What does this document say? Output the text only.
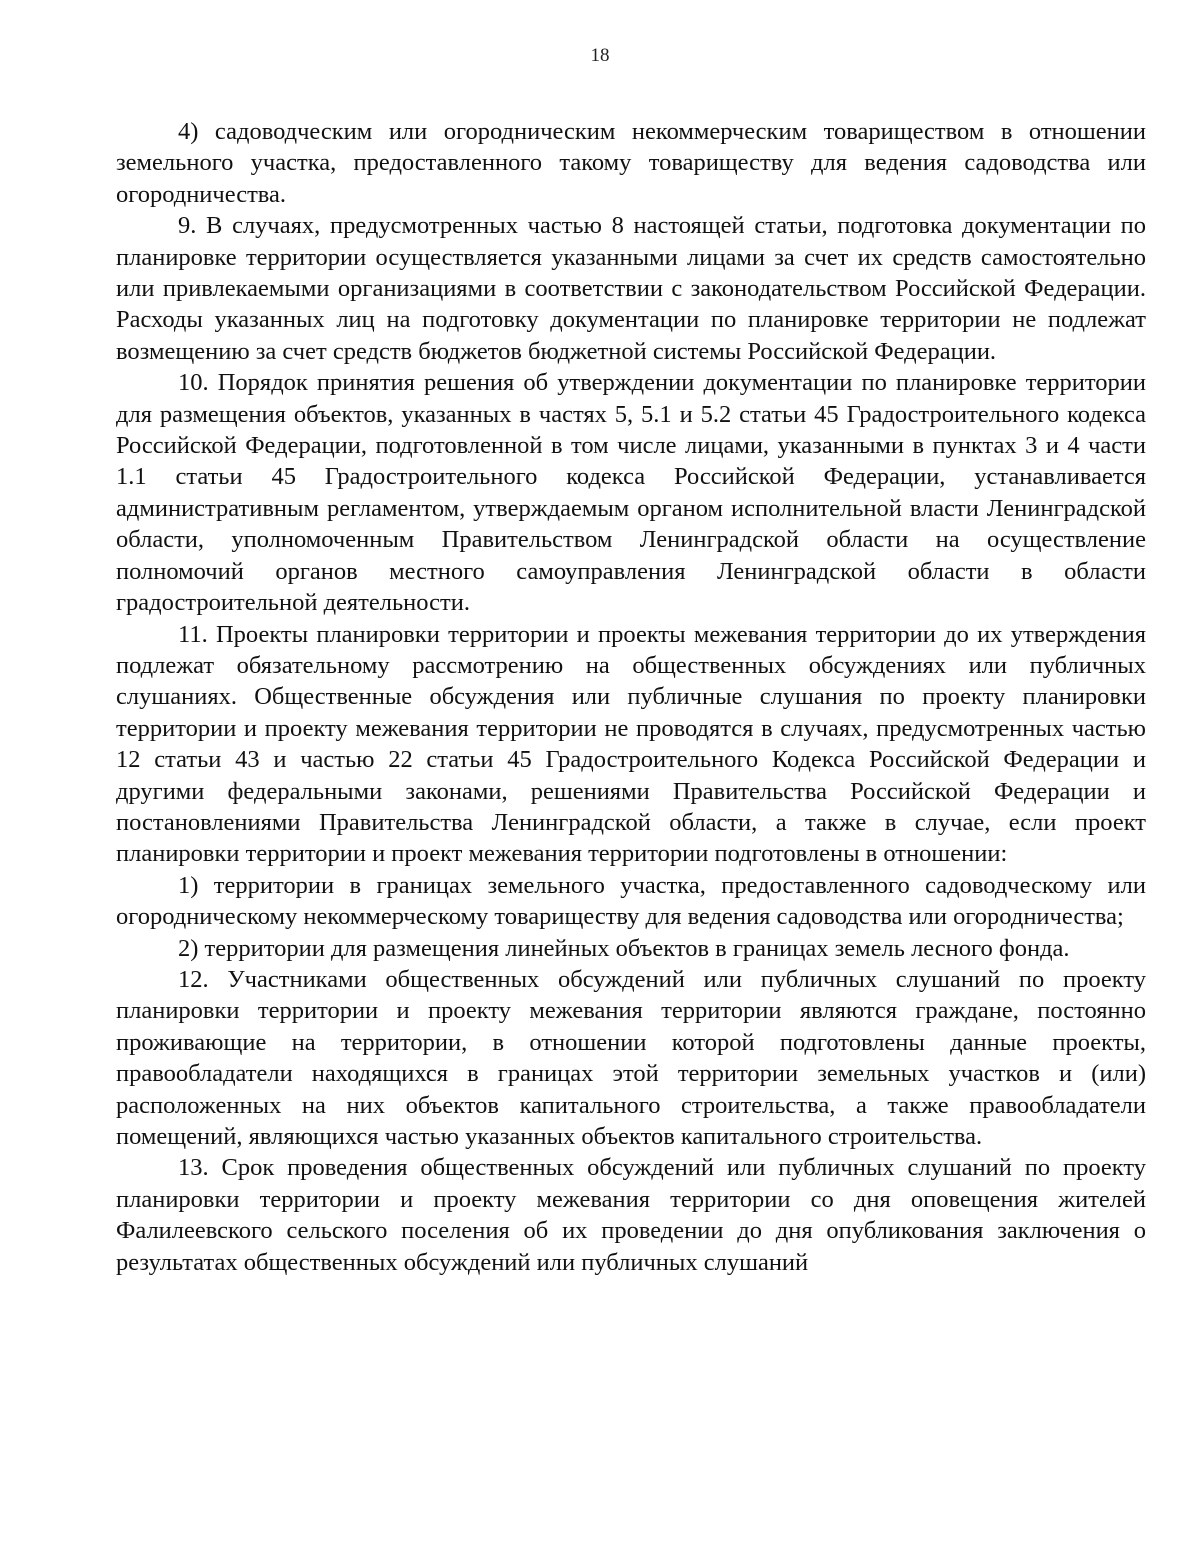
18

4) садоводческим или огородническим некоммерческим товариществом в отношении земельного участка, предоставленного такому товариществу для ведения садоводства или огородничества.

9. В случаях, предусмотренных частью 8 настоящей статьи, подготовка документации по планировке территории осуществляется указанными лицами за счет их средств самостоятельно или привлекаемыми организациями в соответствии с законодательством Российской Федерации. Расходы указанных лиц на подготовку документации по планировке территории не подлежат возмещению за счет средств бюджетов бюджетной системы Российской Федерации.

10. Порядок принятия решения об утверждении документации по планировке территории для размещения объектов, указанных в частях 5, 5.1 и 5.2 статьи 45 Градостроительного кодекса Российской Федерации, подготовленной в том числе лицами, указанными в пунктах 3 и 4 части 1.1 статьи 45 Градостроительного кодекса Российской Федерации, устанавливается административным регламентом, утверждаемым органом исполнительной власти Ленинградской области, уполномоченным Правительством Ленинградской области на осуществление полномочий органов местного самоуправления Ленинградской области в области градостроительной деятельности.

11. Проекты планировки территории и проекты межевания территории до их утверждения подлежат обязательному рассмотрению на общественных обсуждениях или публичных слушаниях. Общественные обсуждения или публичные слушания по проекту планировки территории и проекту межевания территории не проводятся в случаях, предусмотренных частью 12 статьи 43 и частью 22 статьи 45 Градостроительного Кодекса Российской Федерации и другими федеральными законами, решениями Правительства Российской Федерации и постановлениями Правительства Ленинградской области, а также в случае, если проект планировки территории и проект межевания территории подготовлены в отношении:

1) территории в границах земельного участка, предоставленного садоводческому или огородническому некоммерческому товариществу для ведения садоводства или огородничества;

2) территории для размещения линейных объектов в границах земель лесного фонда.

12. Участниками общественных обсуждений или публичных слушаний по проекту планировки территории и проекту межевания территории являются граждане, постоянно проживающие на территории, в отношении которой подготовлены данные проекты, правообладатели находящихся в границах этой территории земельных участков и (или) расположенных на них объектов капитального строительства, а также правообладатели помещений, являющихся частью указанных объектов капитального строительства.

13. Срок проведения общественных обсуждений или публичных слушаний по проекту планировки территории и проекту межевания территории со дня оповещения жителей Фалилеевского сельского поселения об их проведении до дня опубликования заключения о результатах общественных обсуждений или публичных слушаний
